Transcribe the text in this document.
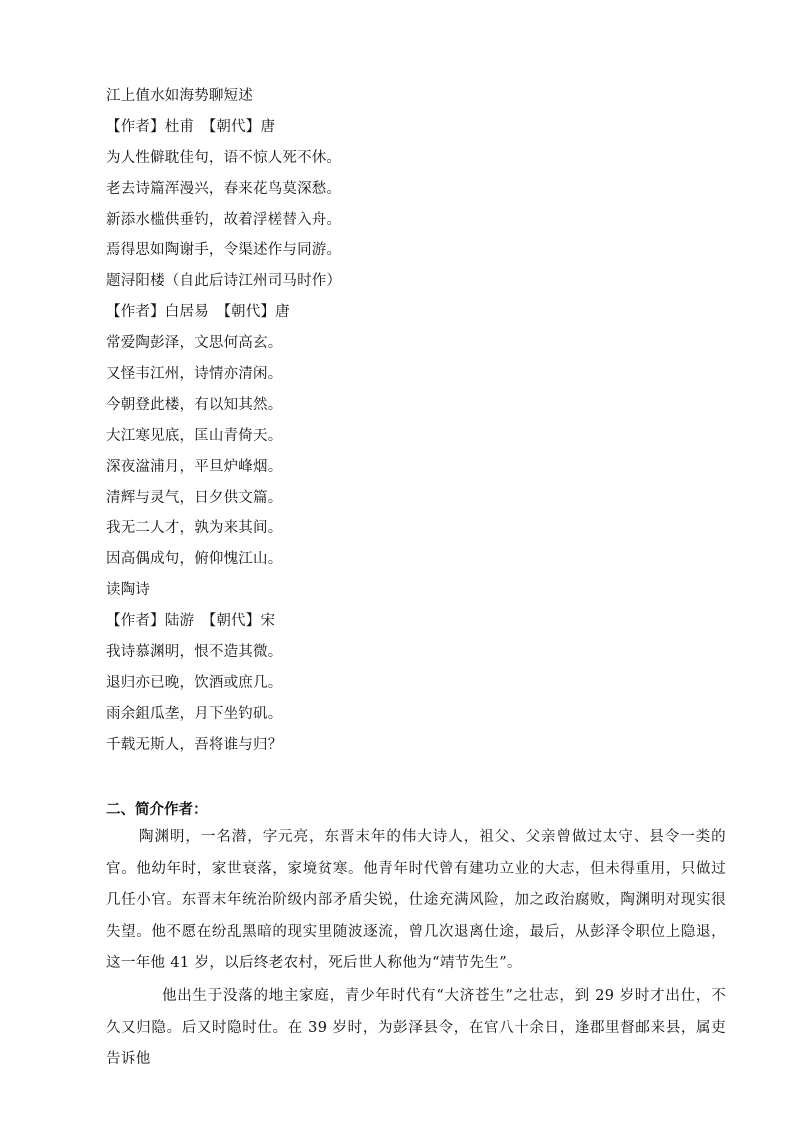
江上值水如海势聊短述
【作者】杜甫　【朝代】唐
为人性僻耽佳句，语不惊人死不休。
老去诗篇浑漫兴，春来花鸟莫深愁。
新添水槛供垂钓，故着浮槎替入舟。
焉得思如陶谢手，令渠述作与同游。
题浔阳楼（自此后诗江州司马时作）
【作者】白居易　【朝代】唐
常爱陶彭泽，文思何高玄。
又怪韦江州，诗情亦清闲。
今朝登此楼，有以知其然。
大江寒见底，匡山青倚天。
深夜湓浦月，平旦炉峰烟。
清辉与灵气，日夕供文篇。
我无二人才，孰为来其间。
因高偶成句，俯仰愧江山。
读陶诗
【作者】陆游　【朝代】宋
我诗慕渊明，恨不造其微。
退归亦已晚，饮酒或庶几。
雨余鉏瓜垄，月下坐钓矶。
千载无斯人，吾将谁与归？
二、简介作者：

陶渊明，一名潜，字元亮，东晋末年的伟大诗人，祖父、父亲曾做过太守、县令一类的官。他幼年时，家世衰落，家境贫寒。他青年时代曾有建功立业的大志，但未得重用，只做过几任小官。东晋末年统治阶级内部矛盾尖锐，仕途充满风险，加之政治腐败，陶渊明对现实很失望。他不愿在纷乱黑暗的现实里随波逐流，曾几次退离仕途，最后，从彭泽令职位上隐退，这一年他 41 岁，以后终老农村，死后世人称他为“靖节先生”。

他出生于没落的地主家庭，青少年时代有“大济苍生”之壮志，到 29 岁时才出仕，不久又归隐。后又时隐时仕。在 39 岁时，为彭泽县令，在官八十余日，逢郡里督邮来县，属吏告诉他
